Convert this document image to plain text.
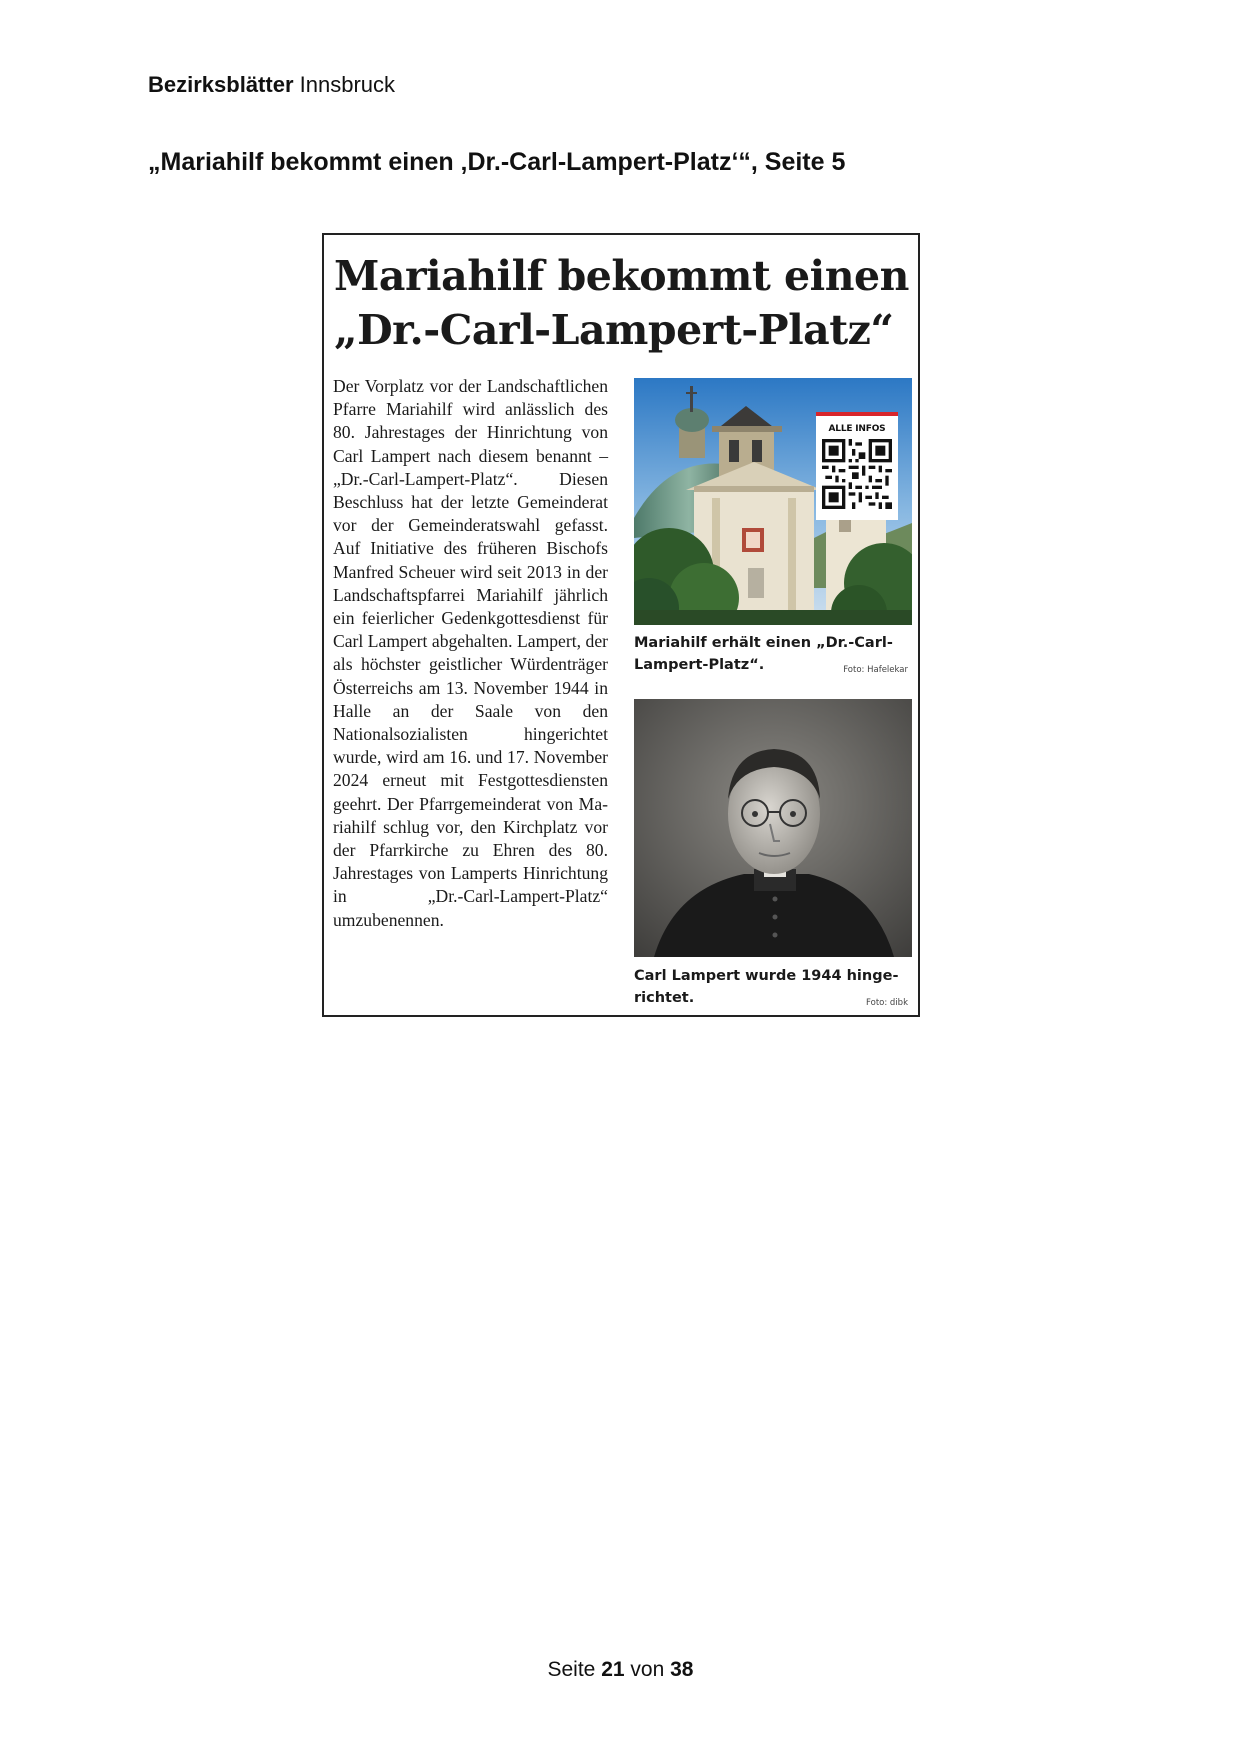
Bezirksblätter Innsbruck
„Mariahilf bekommt einen ‚Dr.-Carl-Lampert-Platz‘“, Seite 5
Mariahilf bekommt einen
„Dr.-Carl-Lampert-Platz“
Der Vorplatz vor der Landschaftlichen Pfarre Mariahilf wird anlässlich des 80. Jahrestages der Hinrichtung von Carl Lampert nach diesem benannt – „Dr.-Carl-Lampert-Platz“. Diesen Beschluss hat der letzte Gemeinderat vor der Gemeinderatswahl gefasst. Auf Initiative des früheren Bischofs Manfred Scheuer wird seit 2013 in der Landschaftspfarrei Mariahilf jährlich ein feierlicher Gedenkgottesdienst für Carl Lampert abgehalten. Lampert, der als höchster geistlicher Würdenträger Österreichs am 13. November 1944 in Halle an der Saale von den Nationalsozialisten hingerichtet wurde, wird am 16. und 17. November 2024 erneut mit Festgottesdiensten geehrt. Der Pfarrgemeinderat von Mariahilf schlug vor, den Kirchplatz vor der Pfarrkirche zu Ehren des 80. Jahrestages von Lamperts Hinrichtung in „Dr.-Carl-Lampert-Platz“ umzubenennen.
ALLE INFOS
Mariahilf erhält einen „Dr.-Carl-Lampert-Platz“.	Foto: Hafelekar
Carl Lampert wurde 1944 hingerichtet.	Foto: dibk
Seite 21 von 38
